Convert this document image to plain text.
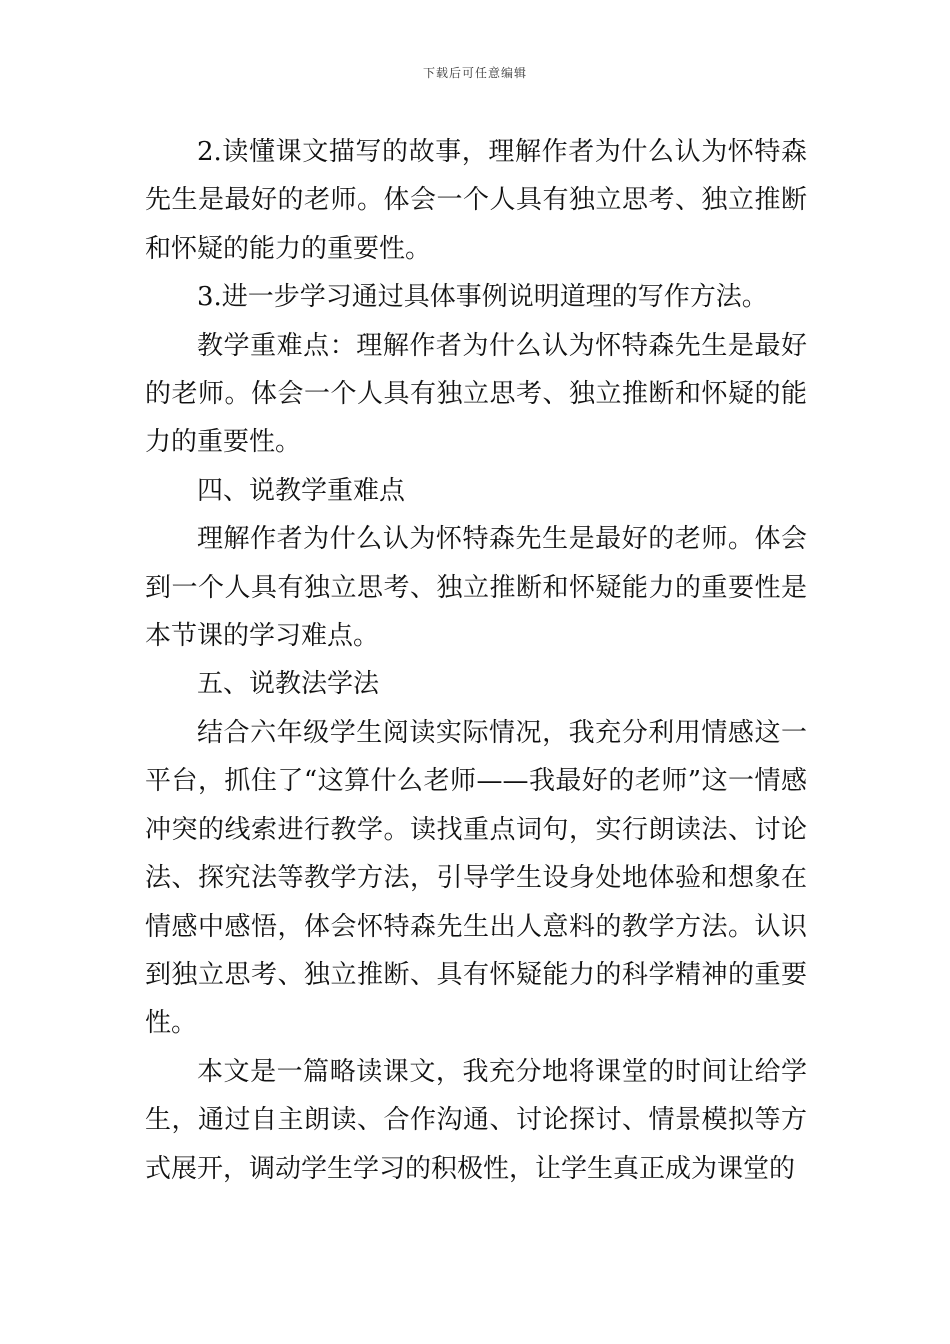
下载后可任意编辑

2.读懂课文描写的故事，理解作者为什么认为怀特森先生是最好的老师。体会一个人具有独立思考、独立推断和怀疑的能力的重要性。

3.进一步学习通过具体事例说明道理的写作方法。

教学重难点：理解作者为什么认为怀特森先生是最好的老师。体会一个人具有独立思考、独立推断和怀疑的能力的重要性。

四、说教学重难点

理解作者为什么认为怀特森先生是最好的老师。体会到一个人具有独立思考、独立推断和怀疑能力的重要性是本节课的学习难点。

五、说教法学法

结合六年级学生阅读实际情况，我充分利用情感这一平台，抓住了“这算什么老师——我最好的老师”这一情感冲突的线索进行教学。读找重点词句，实行朗读法、讨论法、探究法等教学方法，引导学生设身处地体验和想象在情感中感悟，体会怀特森先生出人意料的教学方法。认识到独立思考、独立推断、具有怀疑能力的科学精神的重要性。

本文是一篇略读课文，我充分地将课堂的时间让给学生，通过自主朗读、合作沟通、讨论探讨、情景模拟等方式展开，调动学生学习的积极性，让学生真正成为课堂的
